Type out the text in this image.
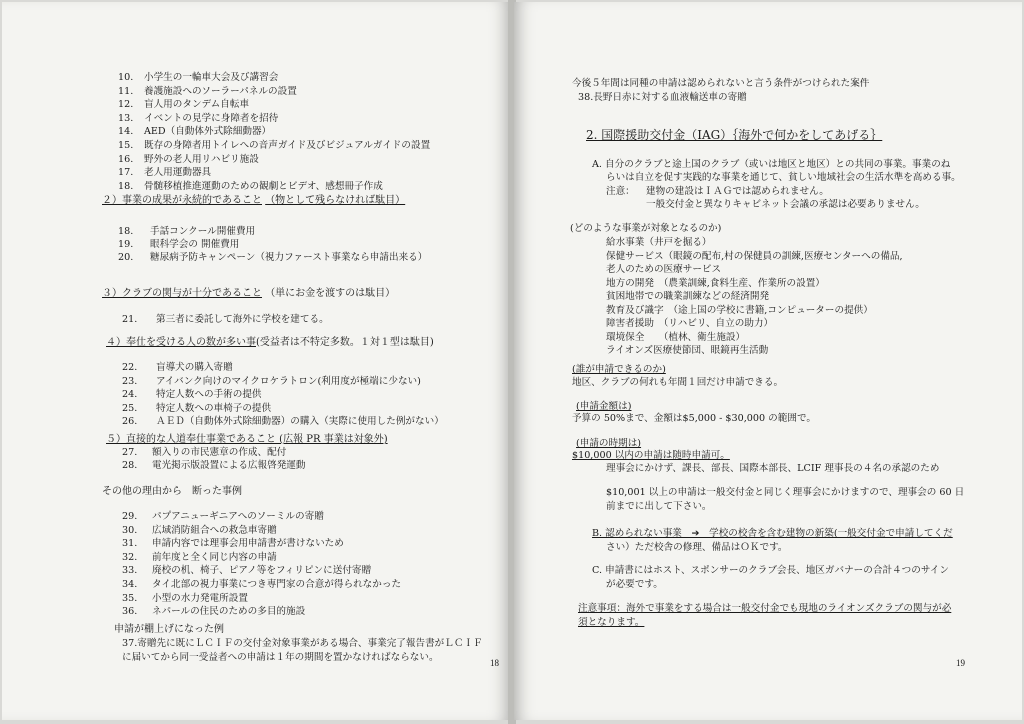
10. 小学生の一輪車大会及び講習会
11. 養護施設へのソーラーパネルの設置
12. 盲人用のタンデム自転車
13. イベントの見学に身障者を招待
14. AED（自動体外式除細動器）
15. 既存の身障者用トイレへの音声ガイド及びビジュアルガイドの設置
16. 野外の老人用リハビリ施設
17. 老人用運動器具
18. 骨髄移植推進運動のための観劇とビデオ、感想冊子作成
２）事業の成果が永続的であること （物として残らなければ駄目）
18. 手話コンクール開催費用
19. 眼科学会の 開催費用
20. 糖尿病予防キャンペーン（視力ファースト事業なら申請出来る）
３）クラブの関与が十分であること （単にお金を渡すのは駄目）
21. 第三者に委託して海外に学校を建てる。
４）奉仕を受ける人の数が多い事(受益者は不特定多数。１対１型は駄目)
22. 盲導犬の購入寄贈
23. アイバンク向けのマイクロケラトロン(利用度が極端に少ない)
24. 特定人数への手術の提供
25. 特定人数への車椅子の提供
26. ＡＥＤ（自動体外式除細動器）の購入（実際に使用した例がない）
５）直接的な人道奉仕事業であること (広報 PR 事業は対象外)
27. 額入りの市民憲章の作成、配付
28. 電光掲示版設置による広報啓発運動
その他の理由から　断った事例
29. パプアニューギニアへのソーミルの寄贈
30. 広域消防組合への救急車寄贈
31. 申請内容では理事会用申請書が書けないため
32. 前年度と全く同じ内容の申請
33. 廃校の机、椅子、ピアノ等をフィリピンに送付寄贈
34. タイ北部の視力事業につき専門家の合意が得られなかった
35. 小型の水力発電所設置
36. ネパールの住民のための多目的施設
申請が棚上げになった例
37.寄贈先に既にＬＣＩＦの交付金対象事業がある場合、事業完了報告書がＬＣＩＦ
に届いてから同一受益者への申請は１年の期間を置かなければならない。	18
今後５年間は同種の申請は認められないと言う条件がつけられた案件
38.長野日赤に対する血液輸送車の寄贈
2. 国際援助交付金（IAG）｛海外で何かをしてあげる｝
A. 自分のクラブと途上国のクラブ（或いは地区と地区）との共同の事業。事業のね
らいは自立を促す実践的な事業を通じて、貧しい地域社会の生活水準を高める事。
注意： 建物の建設はＩＡＧでは認められません。
一般交付金と異なりキャビネット会議の承認は必要ありません。
(どのような事業が対象となるのか)
給水事業（井戸を掘る）
保健サービス（眼鏡の配布,村の保健員の訓練,医療センターへの備品,
老人のための医療サービス
地方の開発　（農業訓練,食料生産、作業所の設置）
貧困地帯での職業訓練などの経済開発
教育及び識字　（途上国の学校に書籍,コンピューターの提供）
障害者援助　（リハビリ、自立の助力）
環境保全　　（植林、衛生施設）
ライオンズ医療使節団、眼鏡再生活動
(誰が申請できるのか)
地区、クラブの何れも年間１回だけ申請できる。
(申請金額は)
予算の 50%まで、金額は$5,000 - $30,000 の範囲で。
(申請の時期は)
$10,000 以内の申請は随時申請可。
理事会にかけず、課長、部長、国際本部長、LCIF 理事長の４名の承認のため
$10,001 以上の申請は一般交付金と同じく理事会にかけますので、理事会の 60 日
前までに出して下さい。
B. 認められない事業　➔　学校の校舎を含む建物の新築(一般交付金で申請してくだ
さい）ただ校舎の修理、備品はＯＫです。
C. 申請書にはホスト、スポンサーのクラブ会長、地区ガバナーの合計４つのサイン
が必要です。
注意事項：海外で事業をする場合は一般交付金でも現地のライオンズクラブの関与が必
須となります。
19
